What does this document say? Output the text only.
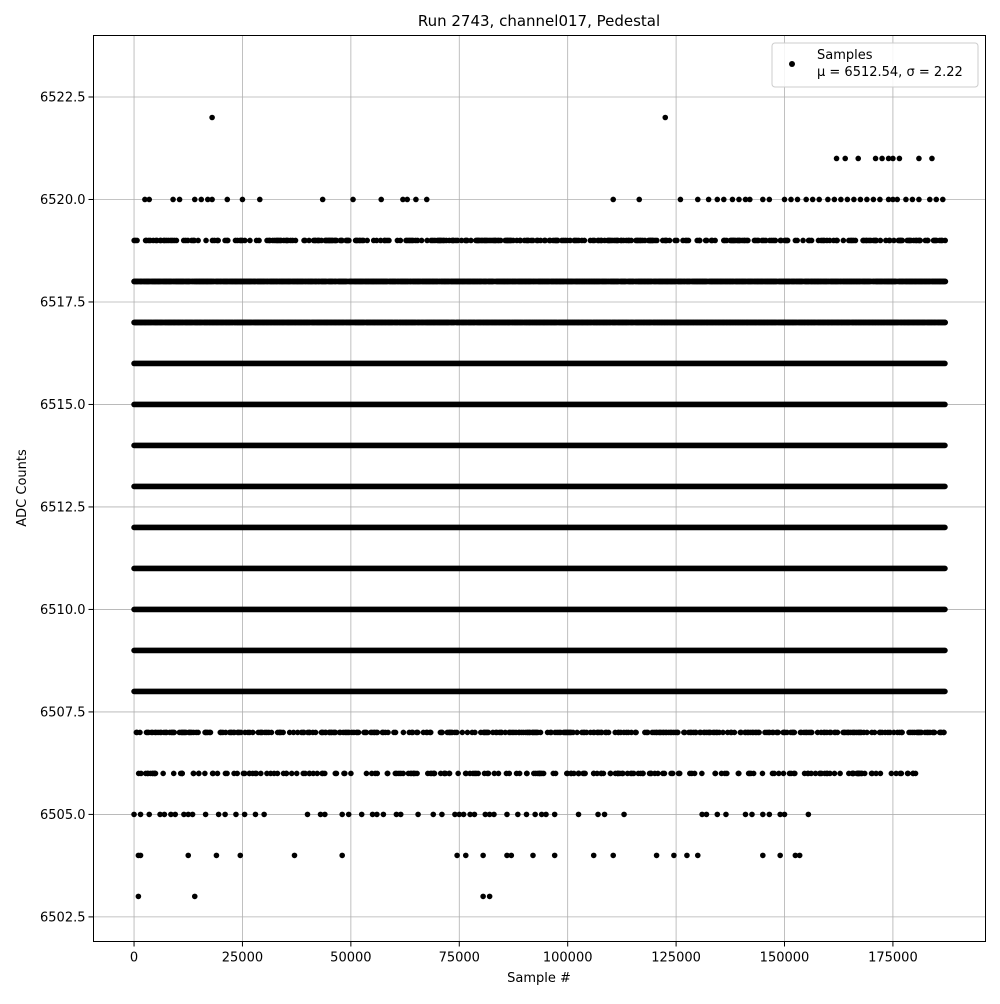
0	25000	50000	75000	100000	125000	150000	175000
6502.5
6505.0
6507.5
6510.0
6512.5
6515.0
6517.5
6520.0
6522.5
Run 2743, channel017, Pedestal
Sample #
ADC Counts
Samples
μ = 6512.54, σ = 2.22
